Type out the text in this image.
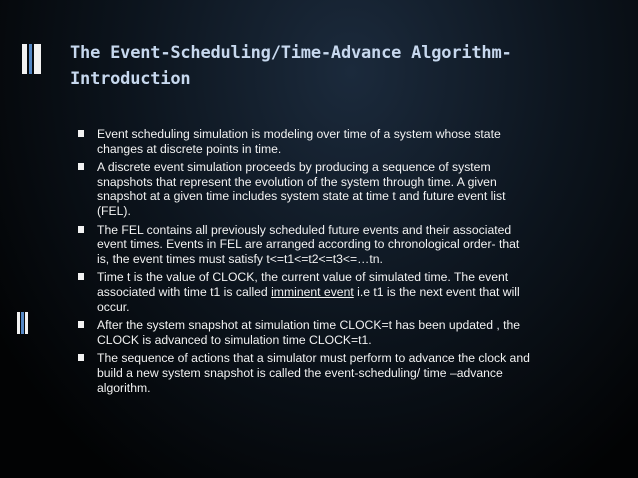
The Event-Scheduling/Time-Advance Algorithm-
Introduction
Event scheduling simulation is modeling over time of a system whose state
changes at discrete points in time.
A discrete event simulation proceeds by producing a sequence of system
snapshots that represent the evolution of the system through time. A given
snapshot at a given time includes system state at time t and future event list
(FEL).
The FEL contains all previously scheduled future events and their associated
event times. Events in FEL are arranged according to chronological order- that
is, the event times must satisfy t<=t1<=t2<=t3<=…tn.
Time t is the value of CLOCK, the current value of simulated time. The event
associated with time t1 is called imminent event i.e t1 is the next event that will
occur.
After the system snapshot at simulation time CLOCK=t has been updated , the
CLOCK is advanced to simulation time CLOCK=t1.
The sequence of actions that a simulator must perform to advance the clock and
build a new system snapshot is called the event-scheduling/ time –advance
algorithm.
